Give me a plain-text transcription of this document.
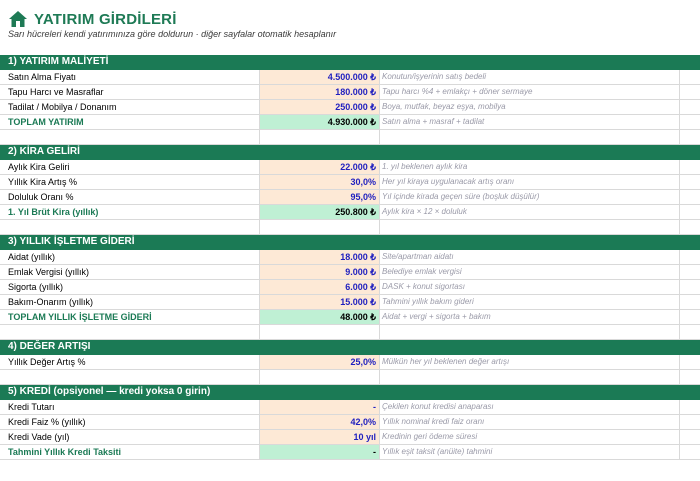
YATIRIM GİRDİLERİ
Sarı hücreleri kendi yatırımınıza göre doldurun · diğer sayfalar otomatik hesaplanır
1) YATIRIM MALİYETİ
Satın Alma Fiyatı	4.500.000 ₺ Konutun/işyerinin satış bedeli
Tapu Harcı ve Masraflar	180.000 ₺ Tapu harcı %4 + emlakçı + döner sermaye
Tadilat / Mobilya / Donanım	250.000 ₺ Boya, mutfak, beyaz eşya, mobilya
TOPLAM YATIRIM	4.930.000 ₺ Satın alma + masraf + tadilat
2) KİRA GELİRİ
Aylık Kira Geliri	22.000 ₺ 1. yıl beklenen aylık kira
Yıllık Kira Artış %	30,0% Her yıl kiraya uygulanacak artış oranı
Doluluk Oranı %	95,0% Yıl içinde kirada geçen süre (boşluk düşülür)
1. Yıl Brüt Kira (yıllık)	250.800 ₺ Aylık kira × 12 × doluluk
3) YILLIK İŞLETME GİDERİ
Aidat (yıllık)	18.000 ₺ Site/apartman aidatı
Emlak Vergisi (yıllık)	9.000 ₺ Belediye emlak vergisi
Sigorta (yıllık)	6.000 ₺ DASK + konut sigortası
Bakım-Onarım (yıllık)	15.000 ₺ Tahmini yıllık bakım gideri
TOPLAM YILLIK İŞLETME GİDERİ	48.000 ₺ Aidat + vergi + sigorta + bakım
4) DEĞER ARTIŞI
Yıllık Değer Artış %	25,0% Mülkün her yıl beklenen değer artışı
5) KREDİ (opsiyonel — kredi yoksa 0 girin)
Kredi Tutarı	- Çekilen konut kredisi anaparası
Kredi Faiz % (yıllık)	42,0% Yıllık nominal kredi faiz oranı
Kredi Vade (yıl)	10 yıl Kredinin geri ödeme süresi
Tahmini Yıllık Kredi Taksiti	- Yıllık eşit taksit (anüite) tahmini
